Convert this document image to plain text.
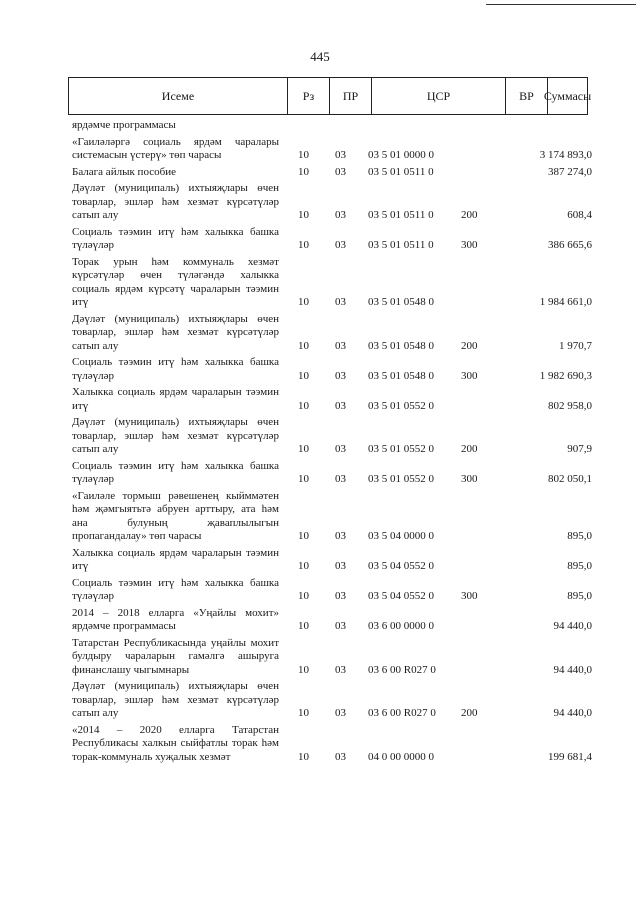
445
Исеме	Рз	ПР	ЦСР	ВР Суммасы
ярдәмче программасы
«Гаиләләргә социаль ярдәм чаралары системасын үстерү» төп чарасы	10 03 03 5 01 0000 0	3 174 893,0
Балага айлык пособие	10 03 03 5 01 0511 0	387 274,0
Дәүләт (муниципаль) ихтыяҗлары өчен товарлар, эшләр һәм хезмәт күрсәтүләр сатып алу	10 03 03 5 01 0511 0 200	608,4
Социаль тәэмин итү һәм халыкка башка түләүләр	10 03 03 5 01 0511 0 300	386 665,6
Торак урын һәм коммуналь хезмәт күрсәтүләр өчен түләгәндә халыкка социаль ярдәм күрсәтү чараларын тәэмин итү	10 03 03 5 01 0548 0	1 984 661,0
Дәүләт (муниципаль) ихтыяҗлары өчен товарлар, эшләр һәм хезмәт күрсәтүләр сатып алу	10 03 03 5 01 0548 0 200	1 970,7
Социаль тәэмин итү һәм халыкка башка түләүләр	10 03 03 5 01 0548 0 300	1 982 690,3
Халыкка социаль ярдәм чараларын тәэмин итү	10 03 03 5 01 0552 0	802 958,0
Дәүләт (муниципаль) ихтыяҗлары өчен товарлар, эшләр һәм хезмәт күрсәтүләр сатып алу	10 03 03 5 01 0552 0 200	907,9
Социаль тәэмин итү һәм халыкка башка түләүләр	10 03 03 5 01 0552 0 300	802 050,1
«Гаиләле тормыш рәвешенең кыйммәтен һәм җәмгыятьтә абруен арттыру, ата һәм ана булуның җаваплылыгын пропагандалау» төп чарасы	10 03 03 5 04 0000 0	895,0
Халыкка социаль ярдәм чараларын тәэмин итү	10 03 03 5 04 0552 0	895,0
Социаль тәэмин итү һәм халыкка башка түләүләр	10 03 03 5 04 0552 0 300	895,0
2014 – 2018 елларга «Уңайлы мохит» ярдәмче программасы	10 03 03 6 00 0000 0	94 440,0
Татарстан Республикасында уңайлы мохит булдыру чараларын гамәлгә ашыруга финанслашу чыгымнары	10 03 03 6 00 R027 0	94 440,0
Дәүләт (муниципаль) ихтыяҗлары өчен товарлар, эшләр һәм хезмәт күрсәтүләр сатып алу	10 03 03 6 00 R027 0 200	94 440,0
«2014 – 2020 елларга Татарстан Республикасы халкын сыйфатлы торак һәм торак-коммуналь хуҗалык хезмәт	10 03 04 0 00 0000 0	199 681,4
